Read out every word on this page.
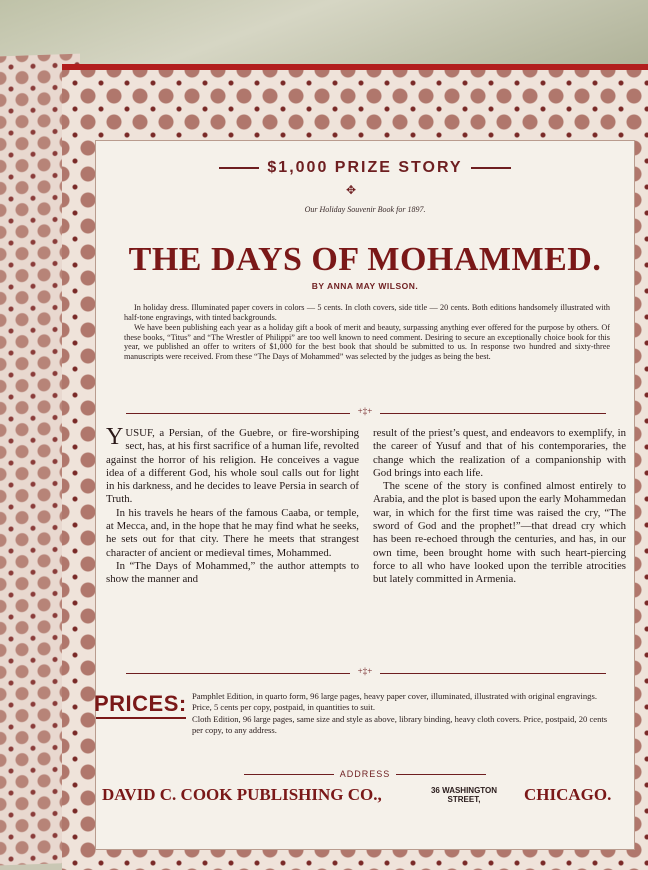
$1,000 PRIZE STORY
✥
Our Holiday Souvenir Book for 1897.
THE DAYS OF MOHAMMED.
BY ANNA MAY WILSON.

In holiday dress. Illuminated paper covers in colors — 5 cents. In cloth covers, side title — 20 cents. Both editions handsomely illustrated with half-tone engravings, with tinted backgrounds.

We have been publishing each year as a holiday gift a book of merit and beauty, surpassing anything ever offered for the purpose by others. Of these books, “Titus” and “The Wrestler of Philippi” are too well known to need comment. Desiring to secure an exceptionally choice book for this year, we published an offer to writers of $1,000 for the best book that should be submitted to us. In response two hundred and sixty-three manuscripts were received. From these “The Days of Mohammed” was selected by the judges as being the best.

+‡+

YUSUF, a Persian, of the Guebre, or fire-worshiping sect, has, at his first sacrifice of a human life, revolted against the horror of his religion. He conceives a vague idea of a different God, his whole soul calls out for light in his darkness, and he decides to leave Persia in search of Truth.

In his travels he hears of the famous Caaba, or temple, at Mecca, and, in the hope that he may find what he seeks, he sets out for that city. There he meets that strangest character of ancient or medieval times, Mohammed.

In “The Days of Mohammed,” the author attempts to show the manner and

result of the priest’s quest, and endeavors to exemplify, in the career of Yusuf and that of his contemporaries, the change which the realization of a companionship with God brings into each life.

The scene of the story is confined almost entirely to Arabia, and the plot is based upon the early Mohammedan war, in which for the first time was raised the cry, “The sword of God and the prophet!”—that dread cry which has been re-echoed through the centuries, and has, in our own time, been brought home with such heart-piercing force to all who have looked upon the terrible atrocities but lately committed in Armenia.

+‡+
PRICES: Pamphlet Edition, in quarto form, 96 large pages, heavy paper cover, illuminated, illustrated with original engravings. Price, 5 cents per copy, postpaid, in quantities to suit.

Cloth Edition, 96 large pages, same size and style as above, library binding, heavy cloth covers. Price, postpaid, 20 cents per copy, to any address.

ADDRESS
DAVID C. COOK PUBLISHING CO.,	36 WASHINGTON
STREET,	CHICAGO.
